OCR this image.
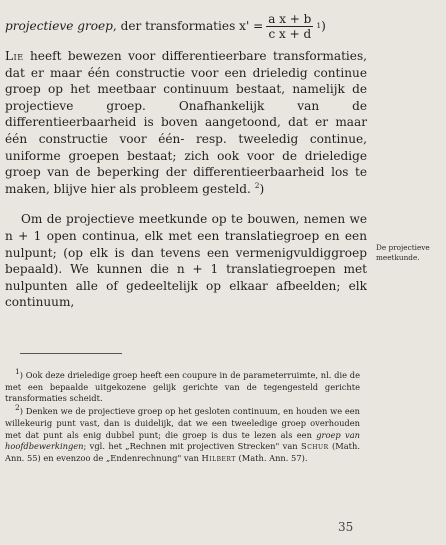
projectieve groep , der transformaties $x' = \frac{\text{a x + b}}{\text{c x + d}} 1$ )

Lie heeft bewezen voor differentieerbare transformaties, dat er maar één constructie voor een drieledig continue groep op het meetbaar continuum bestaat, namelijk de projectieve groep. Onafhankelijk van de differentieerbaarheid is boven aangetoond, dat er maar één constructie voor één- resp. tweeledig continue, uniforme groepen bestaat; zich ook voor de drieledige groep van de beperking der differentieerbaarheid los te maken, blijve hier als probleem gesteld. $^2$)

Om de projectieve meetkunde op te bouwen, nemen we n + 1 open continua, elk met een translatiegroep en een nulpunt; (op elk is dan tevens een vermenigvuldiggroep bepaald). We kunnen die n + 1 translatiegroepen met nulpunten alle of gedeeltelijk op elkaar afbeelden; elk continuum,

De projectieve meetkunde.

1) Ook deze drieledige groep heeft een coupure in de parameterruimte, nl. die de met een bepaalde uitgekozene gelijk gerichte van de tegengesteld gerichte transformaties scheidt.

2) Denken we de projectieve groep op het gesloten continuum, en houden we een willekeurig punt vast, dan is duidelijk, dat we een tweeledige groep overhouden met dat punt als enig dubbel punt; die groep is dus te lezen als een groep van hoofdbewerkingen; vgl. het „Rechnen mit projectiven Strecken" van Schur (Math. Ann. 55) en evenzoo de „Endenrechnung" van Hilbert (Math. Ann. 57).

35
